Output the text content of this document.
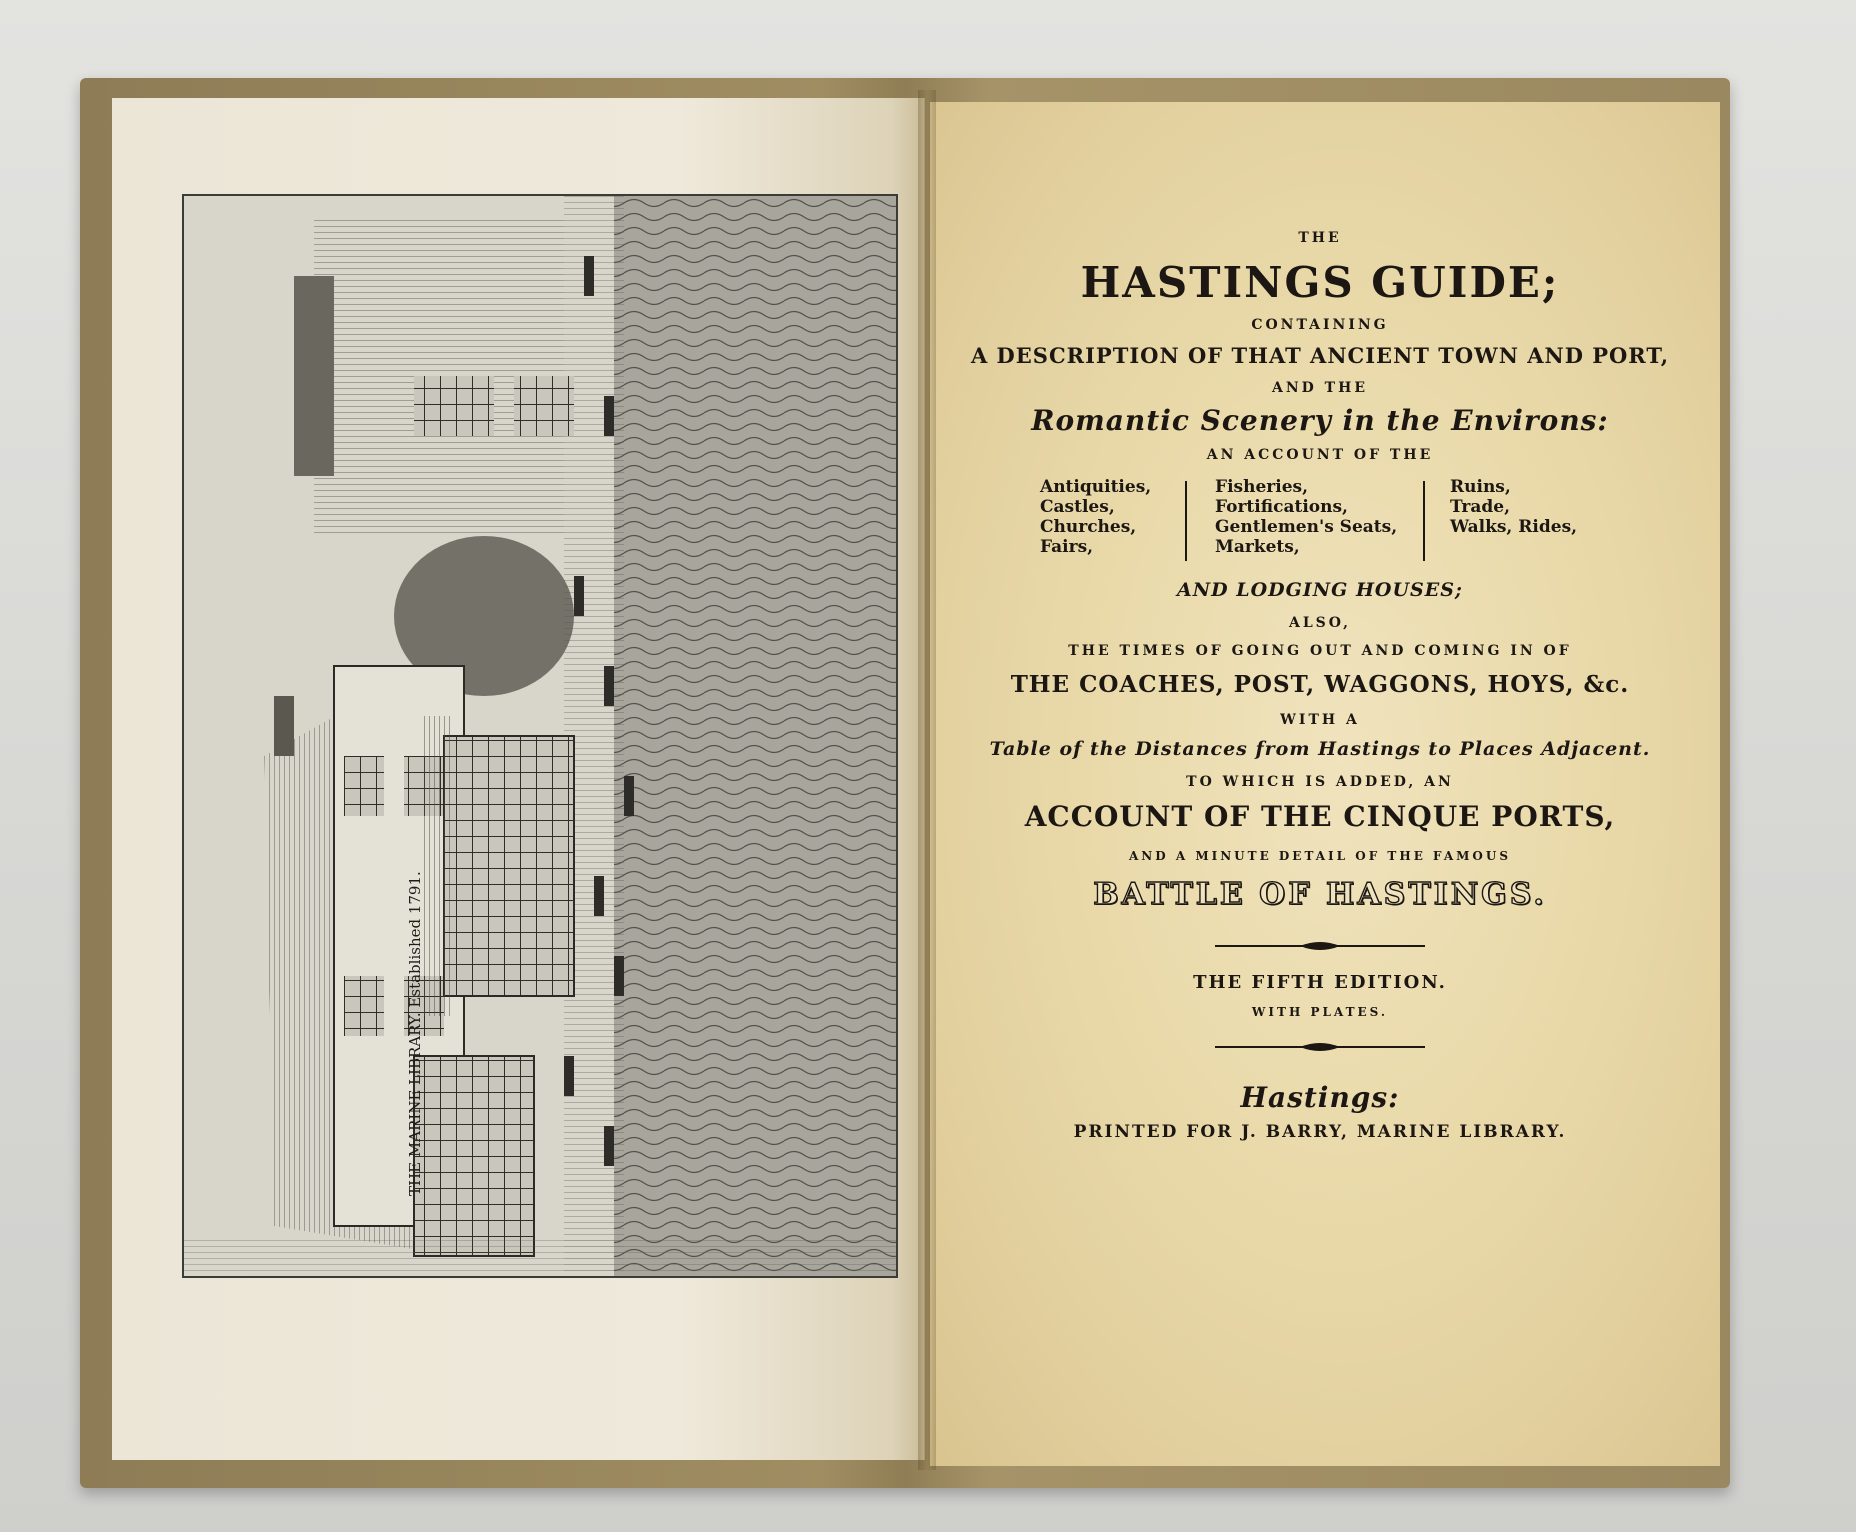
THE MARINE LIBRARY. Established 1791.
THE
HASTINGS GUIDE;
CONTAINING
A DESCRIPTION OF THAT ANCIENT TOWN AND PORT,
AND THE
Romantic Scenery in the Environs:
AN ACCOUNT OF THE
Antiquities,
Castles,
Churches,
Fairs,
Fisheries,
Fortifications,
Gentlemen's Seats,
Markets,
Ruins,
Trade,
Walks, Rides,
AND LODGING HOUSES;
ALSO,
THE TIMES OF GOING OUT AND COMING IN OF
THE COACHES, POST, WAGGONS, HOYS, &c.
WITH A
Table of the Distances from Hastings to Places Adjacent.
TO WHICH IS ADDED, AN
ACCOUNT OF THE CINQUE PORTS,
AND A MINUTE DETAIL OF THE FAMOUS
BATTLE OF HASTINGS.
THE FIFTH EDITION.
WITH PLATES.
Hastings:
PRINTED FOR J. BARRY, MARINE LIBRARY.
